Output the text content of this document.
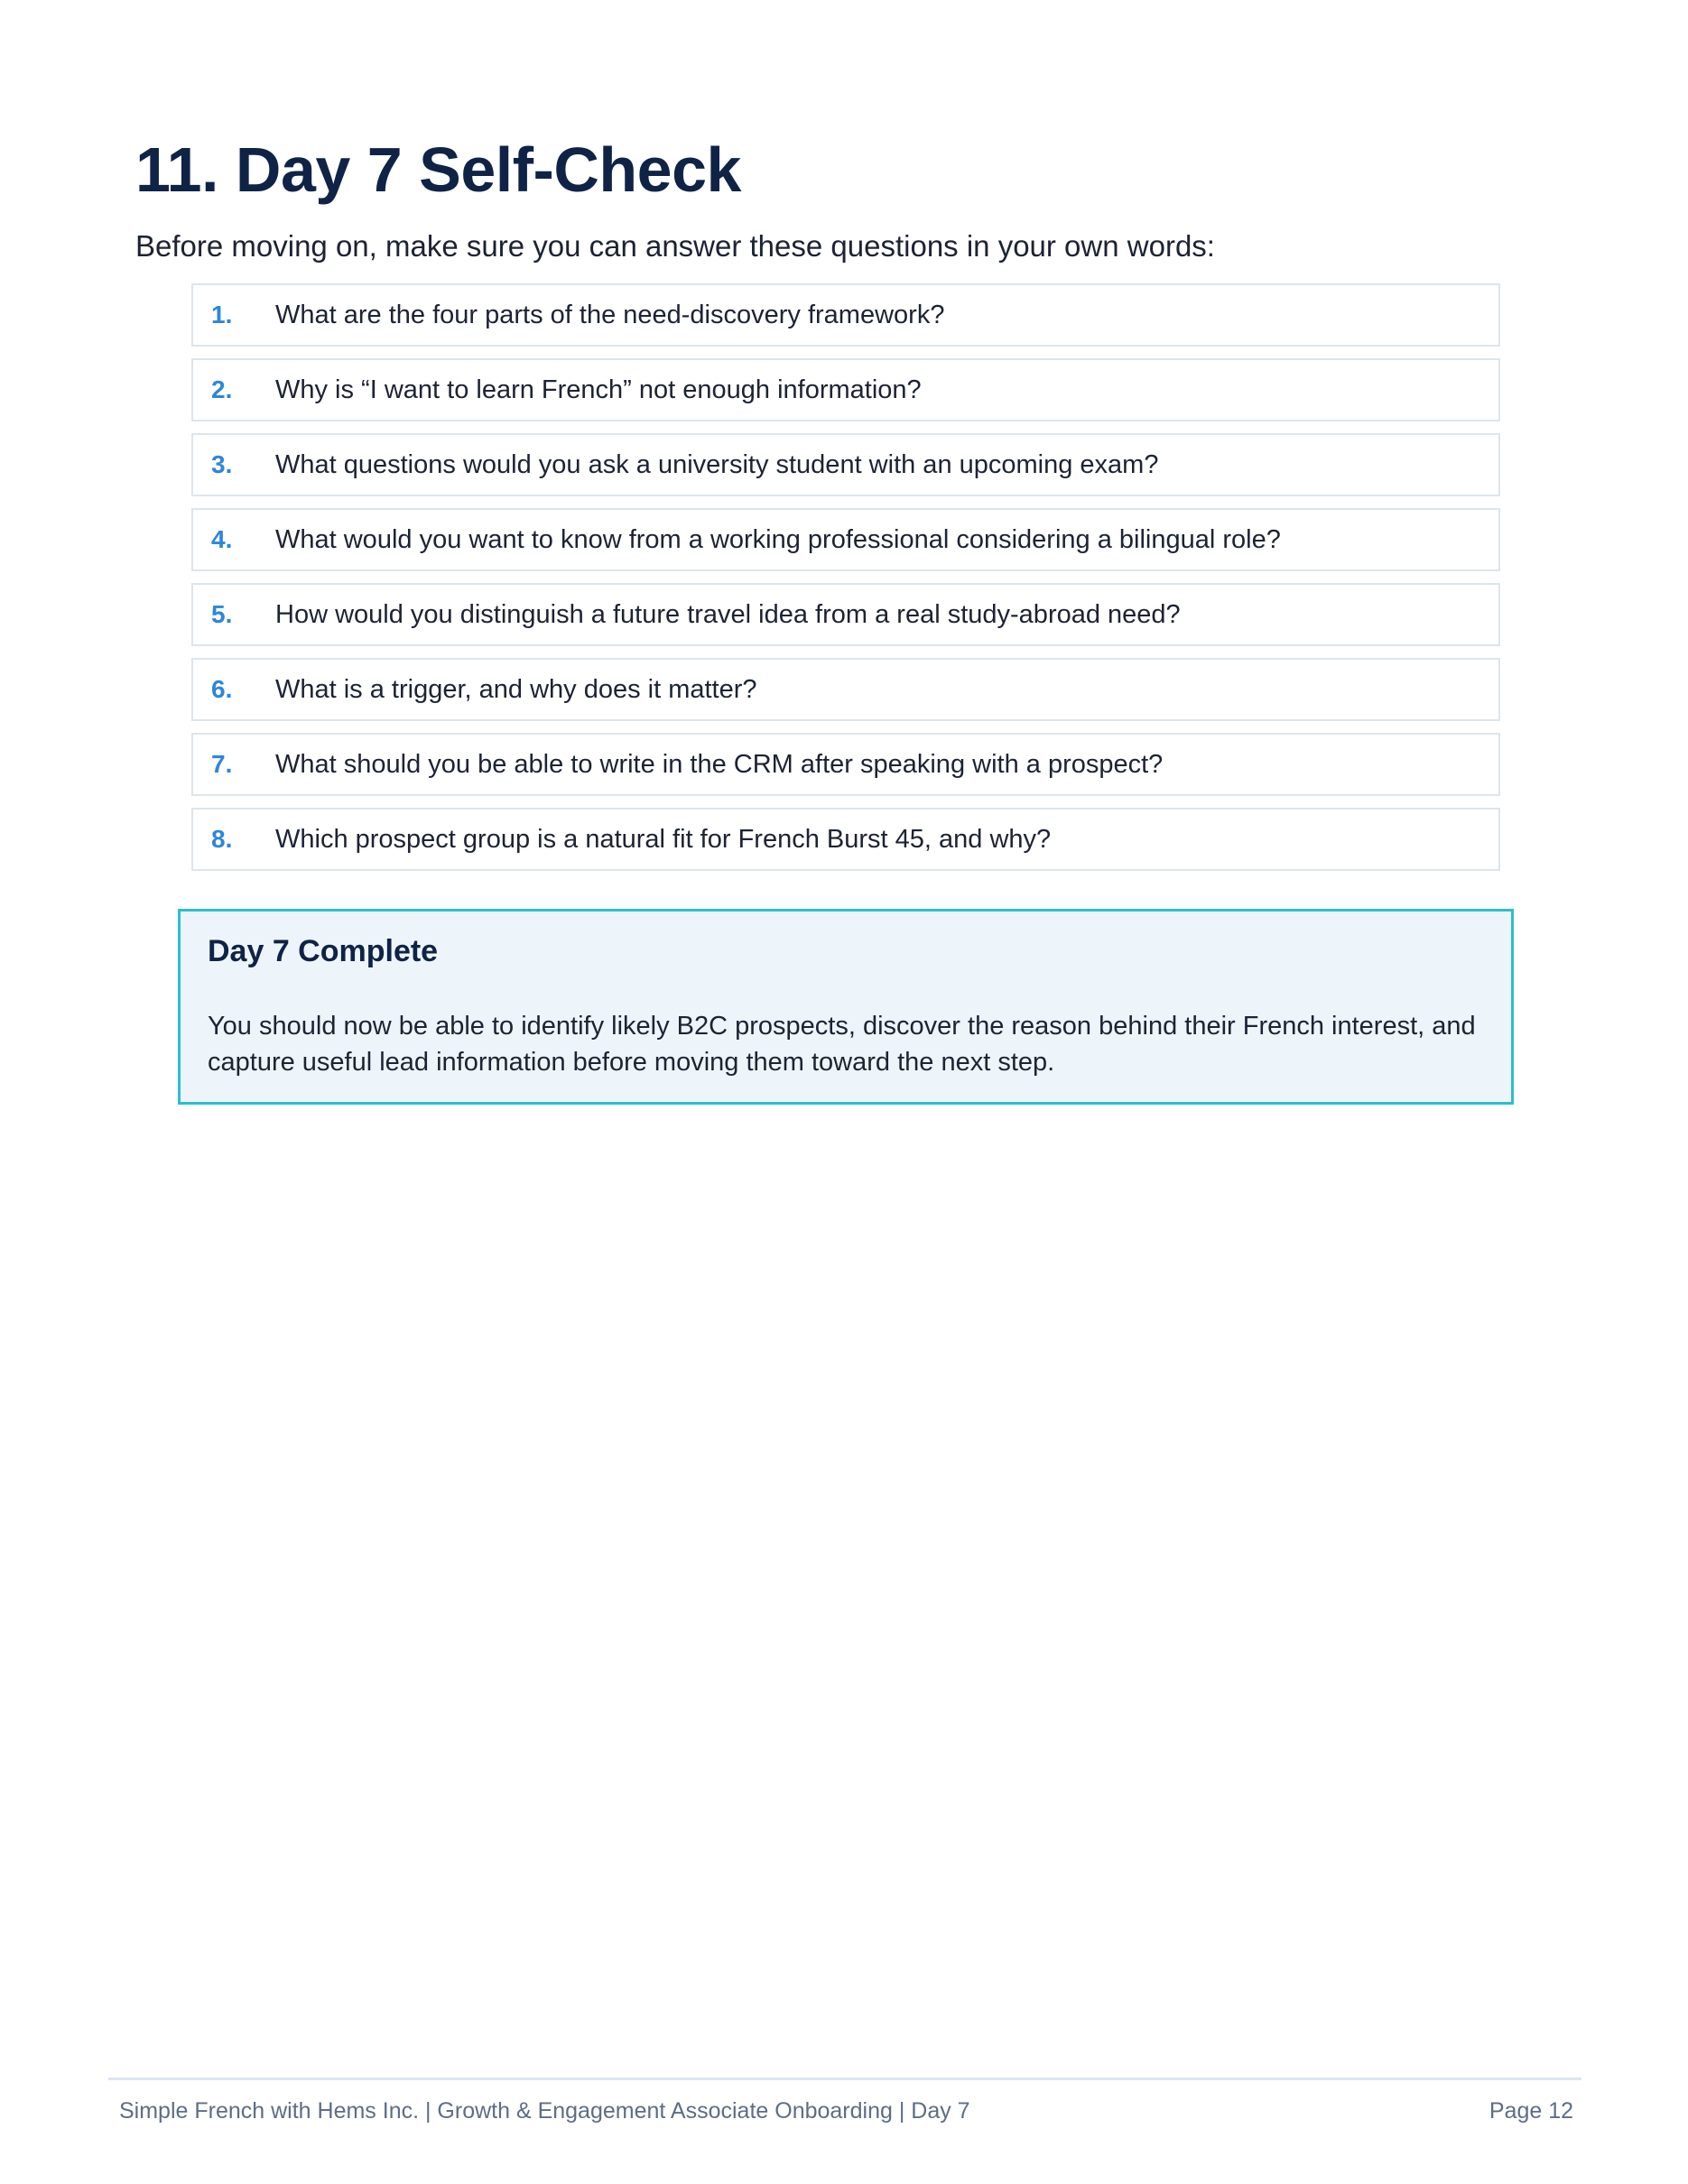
11. Day 7 Self-Check

Before moving on, make sure you can answer these questions in your own words:

1.	What are the four parts of the need-discovery framework?
2.	Why is “I want to learn French” not enough information?
3.	What questions would you ask a university student with an upcoming exam?
4.	What would you want to know from a working professional considering a bilingual role?
5.	How would you distinguish a future travel idea from a real study-abroad need?
6.	What is a trigger, and why does it matter?
7.	What should you be able to write in the CRM after speaking with a prospect?
8.	Which prospect group is a natural fit for French Burst 45, and why?
Day 7 Complete

You should now be able to identify likely B2C prospects, discover the reason behind their French interest, and capture useful lead information before moving them toward the next step.

Simple French with Hems Inc. | Growth & Engagement Associate Onboarding | Day 7	Page 12
